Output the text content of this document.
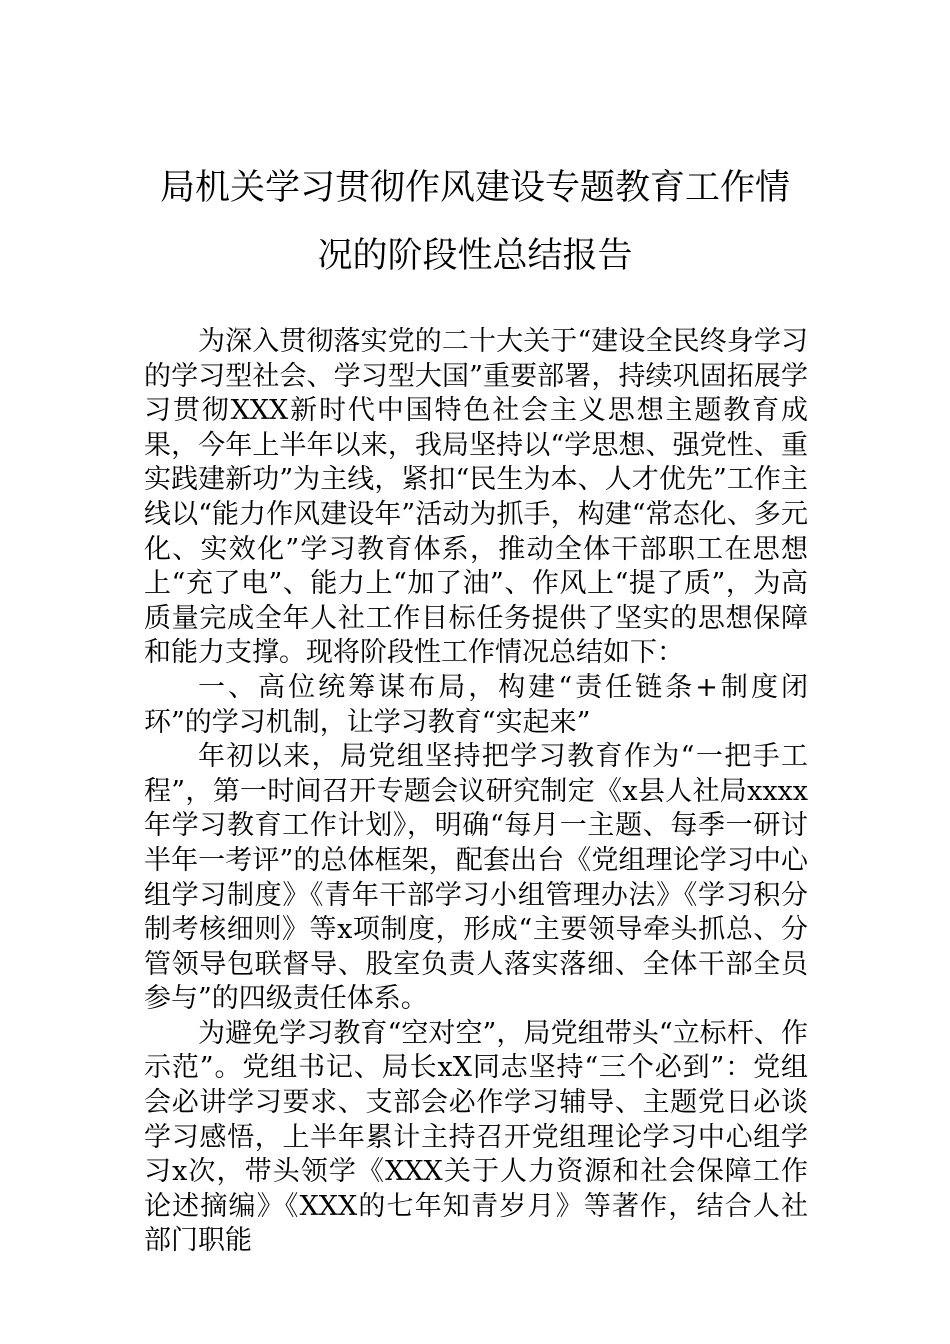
局机关学习贯彻作风建设专题教育工作情
况的阶段性总结报告

为深入贯彻落实党的二十大关于“建设全民终身学习的学习型社会、学习型大国”重要部署，持续巩固拓展学习贯彻XXX新时代中国特色社会主义思想主题教育成果，今年上半年以来，我局坚持以“学思想、强党性、重实践建新功”为主线，紧扣“民生为本、人才优先”工作主线以“能力作风建设年”活动为抓手，构建“常态化、多元化、实效化”学习教育体系，推动全体干部职工在思想上“充了电”、能力上“加了油”、作风上“提了质”，为高质量完成全年人社工作目标任务提供了坚实的思想保障和能力支撑。现将阶段性工作情况总结如下：

一、高位统筹谋布局，构建“责任链条+制度闭环”的学习机制，让学习教育“实起来”

年初以来，局党组坚持把学习教育作为“一把手工程”，第一时间召开专题会议研究制定《x县人社局xxxx年学习教育工作计划》，明确“每月一主题、每季一研讨半年一考评”的总体框架，配套出台《党组理论学习中心组学习制度》《青年干部学习小组管理办法》《学习积分制考核细则》等x项制度，形成“主要领导牵头抓总、分管领导包联督导、股室负责人落实落细、全体干部全员参与”的四级责任体系。

为避免学习教育“空对空”，局党组带头“立标杆、作示范”。党组书记、局长xX同志坚持“三个必到”：党组会必讲学习要求、支部会必作学习辅导、主题党日必谈学习感悟，上半年累计主持召开党组理论学习中心组学习x次，带头领学《XXX关于人力资源和社会保障工作论述摘编》《XXX的七年知青岁月》等著作，结合人社部门职能
